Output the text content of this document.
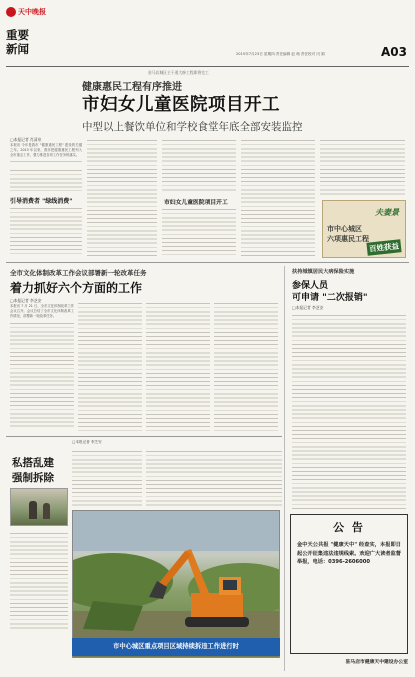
天中晚报
重要新闻	2015年7月23日 星期四 责任编辑 赵 萌 责任校对 闫 娟	A03
驻马店城区主干道大修工程即将完工
健康惠民工程有序推进
市妇女儿童医院项目开工
中型以上餐饮单位和学校食堂年底全部安装监控
□本报记者 肖清泉
本报讯 今年是我市 "健康惠民工程" 建设的关键之年。2015 年以来，我市把健康惠民工程列入全市重点工作，强力推进各项工作任务的落实。
引导消费者 "绿线消费"	市妇女儿童医院项目开工
夫妻景
市中心城区
六项惠民工程
百姓获益
全市文化体制改革工作会议部署新一轮改革任务
着力抓好六个方面的工作
□本报记者 李芝安
本报讯 7 月 21 日，全市文化体制改革工作会议召开。会议总结了全市文化体制改革工作情况，部署新一轮改革任务。
扶持城镇居民大病保险实施
参保人员
可申请 "二次报销"
□本报记者 李芝安
私搭乱建
强制拆除
□本报记者 李芝安
市中心城区重点项目区域持续拆违工作进行时
公 告
金中天公共报 "健康天中" 经查实，本报即日起公开征集违法违规线索。欢迎广大读者监督举报，电话：0396-2606000
驻马店市健康天中建设办公室
